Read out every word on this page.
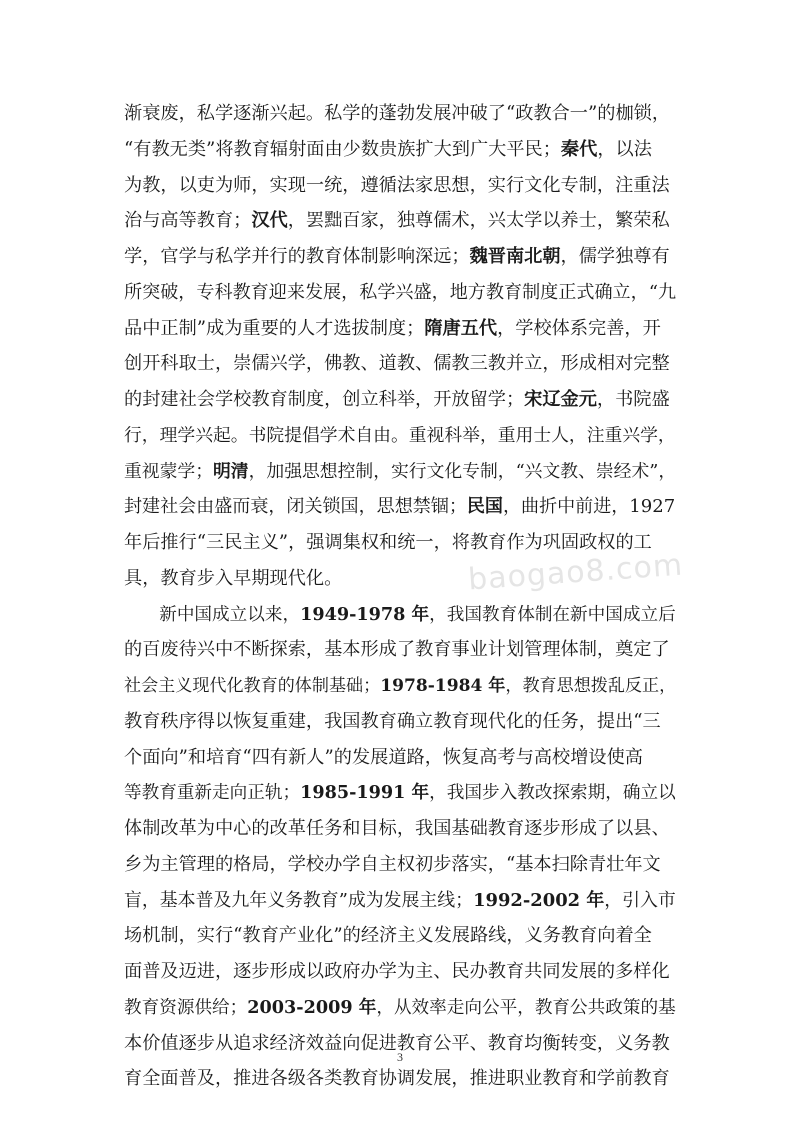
baogao8.com
渐衰废，私学逐渐兴起。私学的蓬勃发展冲破了“政教合一”的枷锁，
“有教无类”将教育辐射面由少数贵族扩大到广大平民；秦代，以法
为教，以吏为师，实现一统，遵循法家思想，实行文化专制，注重法
治与高等教育；汉代，罢黜百家，独尊儒术，兴太学以养士，繁荣私
学，官学与私学并行的教育体制影响深远；魏晋南北朝，儒学独尊有
所突破，专科教育迎来发展，私学兴盛，地方教育制度正式确立，“九
品中正制”成为重要的人才选拔制度；隋唐五代，学校体系完善，开
创开科取士，崇儒兴学，佛教、道教、儒教三教并立，形成相对完整
的封建社会学校教育制度，创立科举，开放留学；宋辽金元，书院盛
行，理学兴起。书院提倡学术自由。重视科举，重用士人，注重兴学，
重视蒙学；明清，加强思想控制，实行文化专制，“兴文教、崇经术”，
封建社会由盛而衰，闭关锁国，思想禁锢；民国，曲折中前进，1927
年后推行“三民主义”，强调集权和统一，将教育作为巩固政权的工
具，教育步入早期现代化。
　　新中国成立以来，1949-1978 年，我国教育体制在新中国成立后
的百废待兴中不断探索，基本形成了教育事业计划管理体制，奠定了
社会主义现代化教育的体制基础；1978-1984 年，教育思想拨乱反正，
教育秩序得以恢复重建，我国教育确立教育现代化的任务，提出“三
个面向”和培育“四有新人”的发展道路，恢复高考与高校增设使高
等教育重新走向正轨；1985-1991 年，我国步入教改探索期，确立以
体制改革为中心的改革任务和目标，我国基础教育逐步形成了以县、
乡为主管理的格局，学校办学自主权初步落实，“基本扫除青壮年文
盲，基本普及九年义务教育”成为发展主线；1992-2002 年，引入市
场机制，实行“教育产业化”的经济主义发展路线，义务教育向着全
面普及迈进，逐步形成以政府办学为主、民办教育共同发展的多样化
教育资源供给；2003-2009 年，从效率走向公平，教育公共政策的基
本价值逐步从追求经济效益向促进教育公平、教育均衡转变，义务教
育全面普及，推进各级各类教育协调发展，推进职业教育和学前教育
3
